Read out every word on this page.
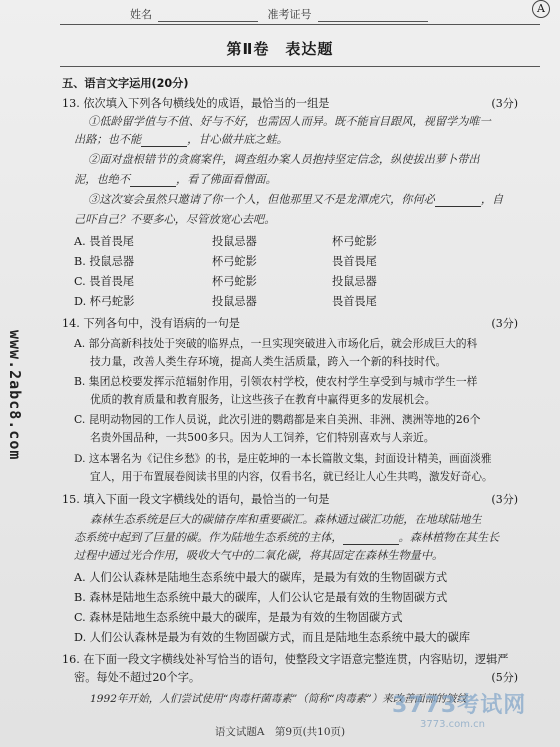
姓名	准考证号	A
第Ⅱ卷　表达题
www.2abc8.com
五、语言文字运用(20分)
13. 依次填入下列各句横线处的成语，最恰当的一组是	(3分)
①低龄留学值与不值、好与不好，也需因人而异。既不能盲目跟风，视留学为唯一
出路；也不能	，甘心做井底之蛙。
②面对盘根错节的贪腐案件，调查组办案人员抱持坚定信念，纵使拔出萝卜带出
泥，也绝不	，看了佛面看僧面。
③这次宴会虽然只邀请了你一个人，但他那里又不是龙潭虎穴，你何必	，自
己吓自己？不要多心，尽管放宽心去吧。
A. 畏首畏尾	投鼠忌器	杯弓蛇影
B. 投鼠忌器	杯弓蛇影	畏首畏尾
C. 畏首畏尾	杯弓蛇影	投鼠忌器
D. 杯弓蛇影	投鼠忌器	畏首畏尾
14. 下列各句中，没有语病的一句是	(3分)
A. 部分高新科技处于突破的临界点，一旦实现突破进入市场化后，就会形成巨大的科
技力量，改善人类生存环境，提高人类生活质量，跨入一个新的科技时代。
B. 集团总校要发挥示范辐射作用，引领农村学校，使农村学生享受到与城市学生一样
优质的教育质量和教育服务，让这些孩子在教育中赢得更多的发展机会。
C. 昆明动物园的工作人员说，此次引进的鹦鹉都是来自美洲、非洲、澳洲等地的26个
名贵外国品种，一共500多只。因为人工饲养，它们特别喜欢与人亲近。
D. 这本署名为《记住乡愁》的书，是庄乾坤的一本长篇散文集，封面设计精美，画面淡雅
宜人，用于布置展卷阅读书里的内容，仅看书名，就已经让人心生共鸣，激发好奇心。
15. 填入下面一段文字横线处的语句，最恰当的一句是	(3分)
森林生态系统是巨大的碳储存库和重要碳汇。森林通过碳汇功能，在地球陆地生
态系统中起到了巨量的碳。作为陆地生态系统的主体，	。森林植物在其生长
过程中通过光合作用，吸收大气中的二氧化碳，将其固定在森林生物量中。
A. 人们公认森林是陆地生态系统中最大的碳库，是最为有效的生物固碳方式
B. 森林是陆地生态系统中最大的碳库，人们公认它是最有效的生物固碳方式
C. 森林是陆地生态系统中最大的碳库，是最为有效的生物固碳方式
D. 人们公认森林是最为有效的生物固碳方式，而且是陆地生态系统中最大的碳库
16. 在下面一段文字横线处补写恰当的语句，使整段文字语意完整连贯，内容贴切，逻辑严
密。每处不超过20个字。	(5分)
1992年开始，人们尝试使用“肉毒杆菌毒素”（简称“肉毒素”）来改善面部的皱纹
语文试题A　第9页(共10页)
3773考试网
3773.com.cn
